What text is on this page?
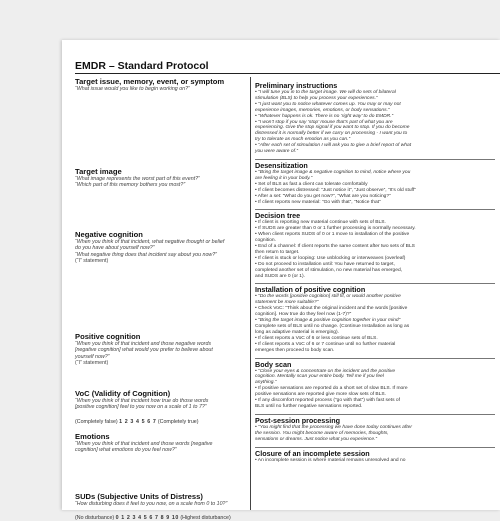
EMDR – Standard Protocol
Target issue, memory, event, or symptom

“What issue would you like to begin working on?”

Target image

“What image represents the worst part of this event?”

“Which part of this memory bothers you most?”

Negative cognition

“When you think of that incident, what negative thought or belief

do you have about yourself now?”

“What negative thing does that incident say about you now?”

(“I” statement)

Positive cognition

“When you think of that incident and those negative words

[negative cognition] what would you prefer to believe about

yourself now?”

(“I” statement)

VoC (Validity of Cognition)

“When you think of that incident how true do those words

[positive cognition] feel to you now on a scale of 1 to 7?”

(Completely false) 1 2 3 4 5 6 7 (Completely true)
Emotions

“When you think of that incident and those words [negative

cognition] what emotions do you feel now?”

SUDs (Subjective Units of Distress)

“How disturbing does it feel to you now, on a scale from 0 to 10?”

(No disturbance) 0 1 2 3 4 5 6 7 8 9 10 (Highest disturbance)
Preliminary instructions

• “I will tune you in to the target image. We will do sets of bilateral

stimulation (BLS) to help you process your experiences.”

• “I just want you to notice whatever comes up. You may or may not

experience images, memories, emotions, or body sensations.”

• “Whatever happens is ok. There is no ‘right way’ to do EMDR.”

• “I won’t stop if you say ‘stop’ mouse that’s part of what you are

experiencing. Give the stop signal if you want to stop. If you do become

distressed it is normally better if we carry on processing - I want you to

try to tolerate as much emotion as you can.”

• “After each set of stimulation I will ask you to give a brief report of what

you were aware of.”

Desensitization

• “Bring the target image & negative cognition to mind, notice where you

are feeling it in your body.”

• Set of BLS as fast a client can tolerate comfortably

• If client becomes distressed: “Just notice it”, “Just observe”, “It’s old stuff”

• After a set: “What do you get now?”, “What are you noticing?”

• If client reports new material: “Go with that”, “Notice that”

Decision tree

• If client is reporting new material continue with sets of BLS.

• If SUDS are greater than 0 or 1 further processing is normally necessary.

• When client reports SUDS of 0 or 1 move to installation of the positive

cognition.

• End of a channel: If client reports the same content after two sets of BLS

then return to target.

• If client is stuck or looping: Use unblocking or interweaves (overleaf)

• Do not proceed to installation until: You have returned to target,

completed another set of stimulation, no new material has emerged,

and SUDS are 0 (or 1).

Installation of positive cognition

• “Do the words [positive cognition] still fit, or would another positive

statement be more suitable?”

• Check VoC: “Think about the original incident and the words [positive

cognition]. How true do they feel now (1-7)?”

• “Bring the target image & positive cognition together in your mind”

Complete sets of BLS until no change. (Continue Installation as long as

long as adaptive material is emerging).

• If client reports a VoC of 6 or less continue sets of BLS.

• If client reports a VoC of 6 or 7 continue until no further material

emerges then proceed to body scan.

Body scan

• “Close your eyes & concentrate on the incident and the positive

cognition. Mentally scan your entire body. Tell me if you feel

anything.”

• If positive sensations are reported do a short set of slow BLS. If more

positive sensations are reported give more slow sets of BLS.

• If any discomfort reported process (“go with that”) with fast sets of

BLS until no further negative sensations reported.

Post-session processing

• “You might find that the processing we have done today continues after

the session. You might become aware of memories, thoughts,

sensations or dreams. Just notice what you experience.”

Closure of an incomplete session

• An incomplete session is where material remains unresolved and no
